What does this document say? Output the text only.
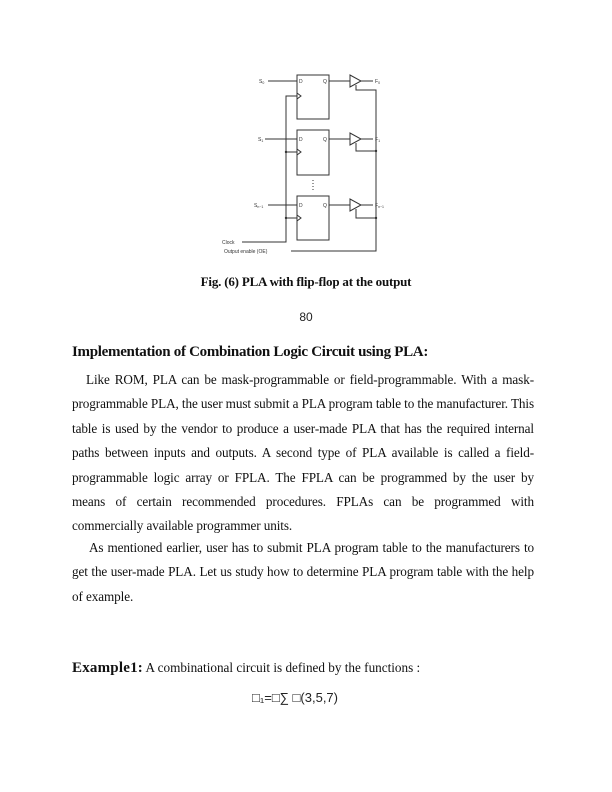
$S_0$
$S_1$
$S_{n-1}$
D	Q
D	Q
D	Q
$F_0$
$F_1$
$F_{n-1}$
Clock
Output enable (OE)
Fig. (6) PLA with flip-flop at the output
80
Implementation of Combination Logic Circuit using PLA:
Like ROM, PLA can be mask-programmable or field-programmable. With a mask-programmable PLA, the user must submit a PLA program table to the manufacturer. This table is used by the vendor to produce a user-made PLA that has the required internal paths between inputs and outputs. A second type of PLA available is called a field-programmable logic array or FPLA. The FPLA can be programmed by the user by means of certain recommended procedures. FPLAs can be programmed with commercially available programmer units.
As mentioned earlier, user has to submit PLA program table to the manufacturers to get the user-made PLA. Let us study how to determine PLA program table with the help of example.
Example1: A combinational circuit is defined by the functions :
□₁=□∑ □(3,5,7)
